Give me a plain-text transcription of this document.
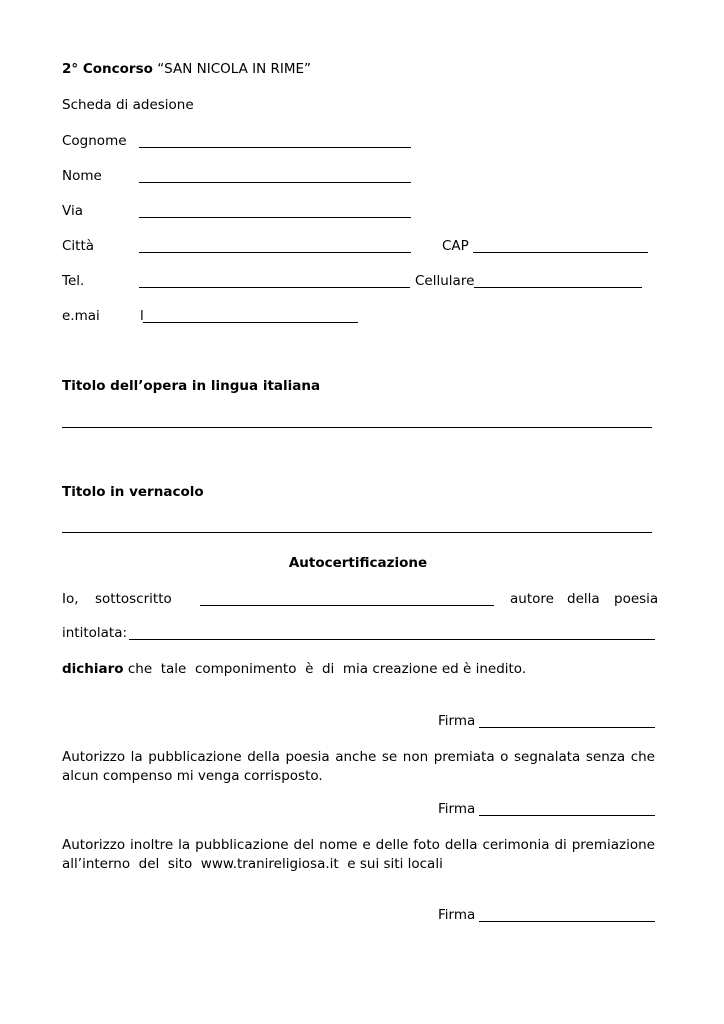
2° Concorso “SAN NICOLA IN RIME”
Scheda di adesione
Cognome
Nome
Via
Città	CAP
Tel.	Cellulare
e.mai	l
Titolo dell’opera in lingua italiana
Titolo in vernacolo
Autocertificazione
Io, sottoscritto	autore della poesia
intitolata:
dichiaro che  tale  componimento  è  di  mia creazione ed è inedito.
Firma
Autorizzo la pubblicazione della poesia anche se non premiata o segnalata senza che alcun compenso mi venga corrisposto.
Firma
Autorizzo inoltre la pubblicazione del nome e delle foto della cerimonia di premiazione
all’interno  del  sito  www.tranireligiosa.it  e sui siti locali
Firma
